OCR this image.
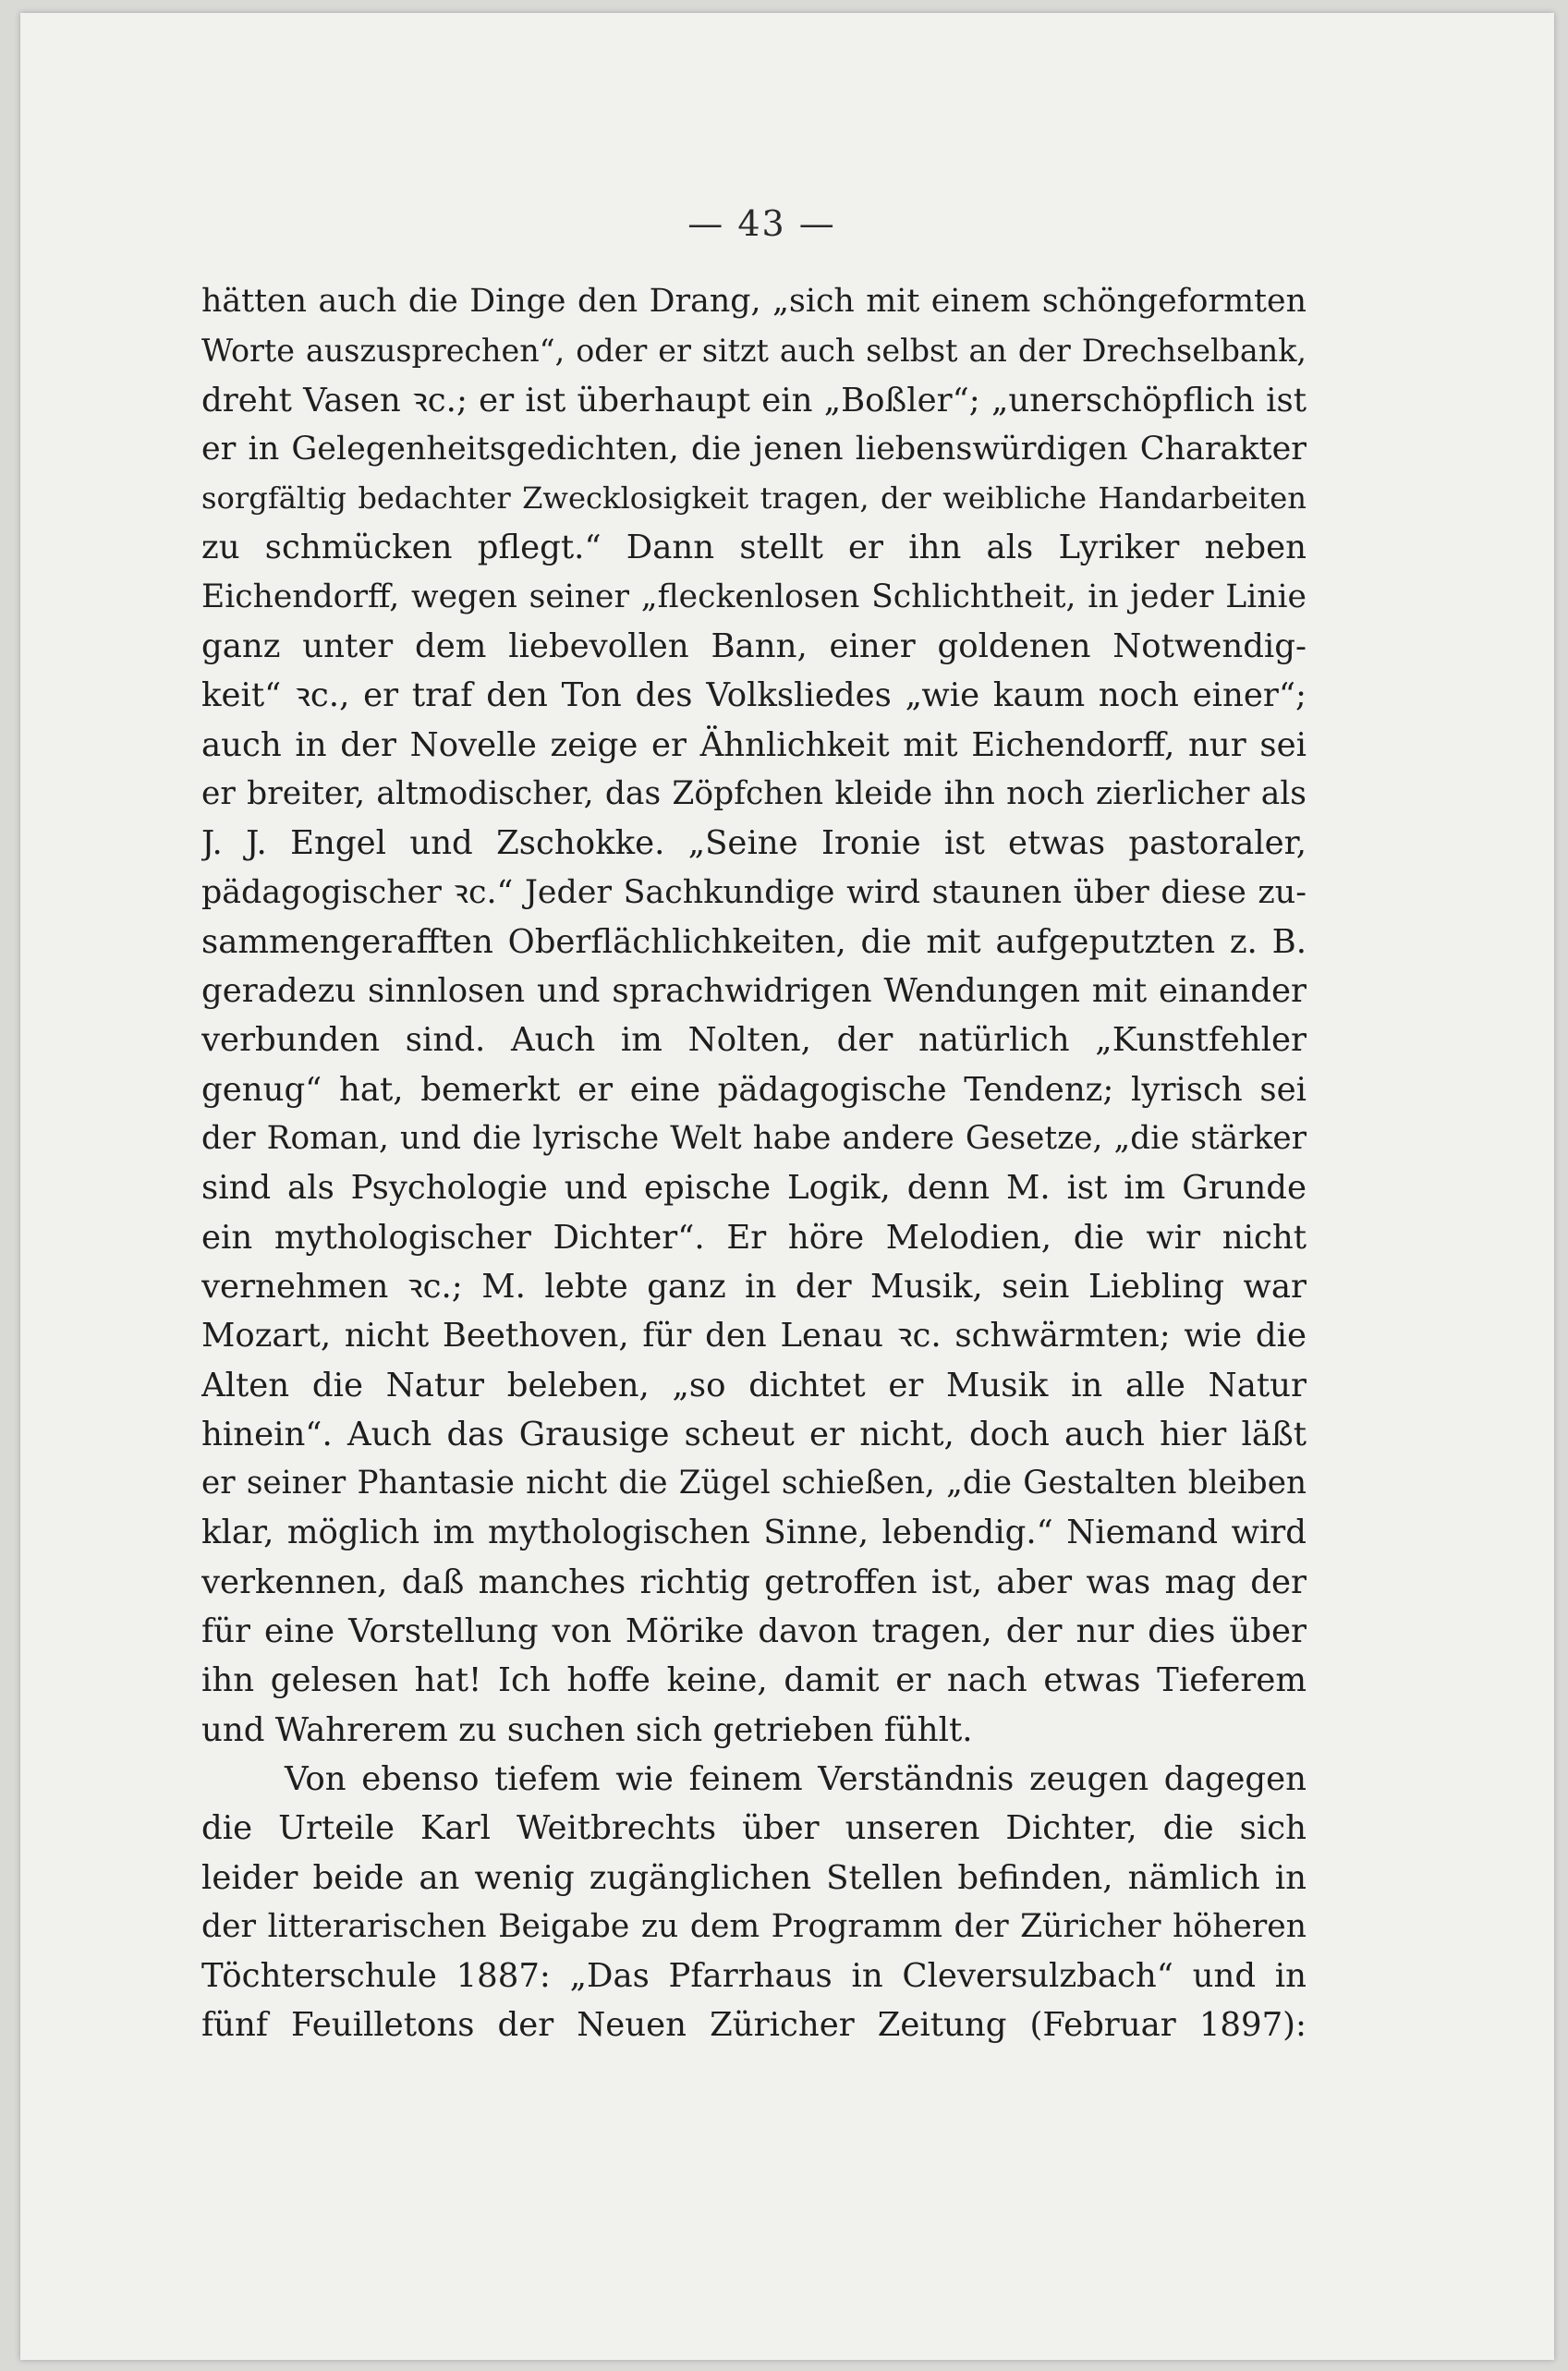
— 43 —
hätten auch die Dinge den Drang, „sich mit einem schöngeformten
Worte auszusprechen“, oder er sitzt auch selbst an der Drechselbank,
dreht Vasen ꝛc.; er ist überhaupt ein „Boßler“; „unerschöpflich ist
er in Gelegenheitsgedichten, die jenen liebenswürdigen Charakter
sorgfältig bedachter Zwecklosigkeit tragen, der weibliche Handarbeiten
zu schmücken pflegt.“ Dann stellt er ihn als Lyriker neben
Eichendorff, wegen seiner „fleckenlosen Schlichtheit, in jeder Linie
ganz unter dem liebevollen Bann, einer goldenen Notwendig-
keit“ ꝛc., er traf den Ton des Volksliedes „wie kaum noch einer“;
auch in der Novelle zeige er Ähnlichkeit mit Eichendorff, nur sei
er breiter, altmodischer, das Zöpfchen kleide ihn noch zierlicher als
J. J. Engel und Zschokke. „Seine Ironie ist etwas pastoraler,
pädagogischer ꝛc.“ Jeder Sachkundige wird staunen über diese zu-
sammengerafften Oberflächlichkeiten, die mit aufgeputzten z. B.
geradezu sinnlosen und sprachwidrigen Wendungen mit einander
verbunden sind. Auch im Nolten, der natürlich „Kunstfehler
genug“ hat, bemerkt er eine pädagogische Tendenz; lyrisch sei
der Roman, und die lyrische Welt habe andere Gesetze, „die stärker
sind als Psychologie und epische Logik, denn M. ist im Grunde
ein mythologischer Dichter“. Er höre Melodien, die wir nicht
vernehmen ꝛc.; M. lebte ganz in der Musik, sein Liebling war
Mozart, nicht Beethoven, für den Lenau ꝛc. schwärmten; wie die
Alten die Natur beleben, „so dichtet er Musik in alle Natur
hinein“. Auch das Grausige scheut er nicht, doch auch hier läßt
er seiner Phantasie nicht die Zügel schießen, „die Gestalten bleiben
klar, möglich im mythologischen Sinne, lebendig.“ Niemand wird
verkennen, daß manches richtig getroffen ist, aber was mag der
für eine Vorstellung von Mörike davon tragen, der nur dies über
ihn gelesen hat! Ich hoffe keine, damit er nach etwas Tieferem
und Wahrerem zu suchen sich getrieben fühlt.
Von ebenso tiefem wie feinem Verständnis zeugen dagegen
die Urteile Karl Weitbrechts über unseren Dichter, die sich
leider beide an wenig zugänglichen Stellen befinden, nämlich in
der litterarischen Beigabe zu dem Programm der Züricher höheren
Töchterschule 1887: „Das Pfarrhaus in Cleversulzbach“ und in
fünf Feuilletons der Neuen Züricher Zeitung (Februar 1897):
